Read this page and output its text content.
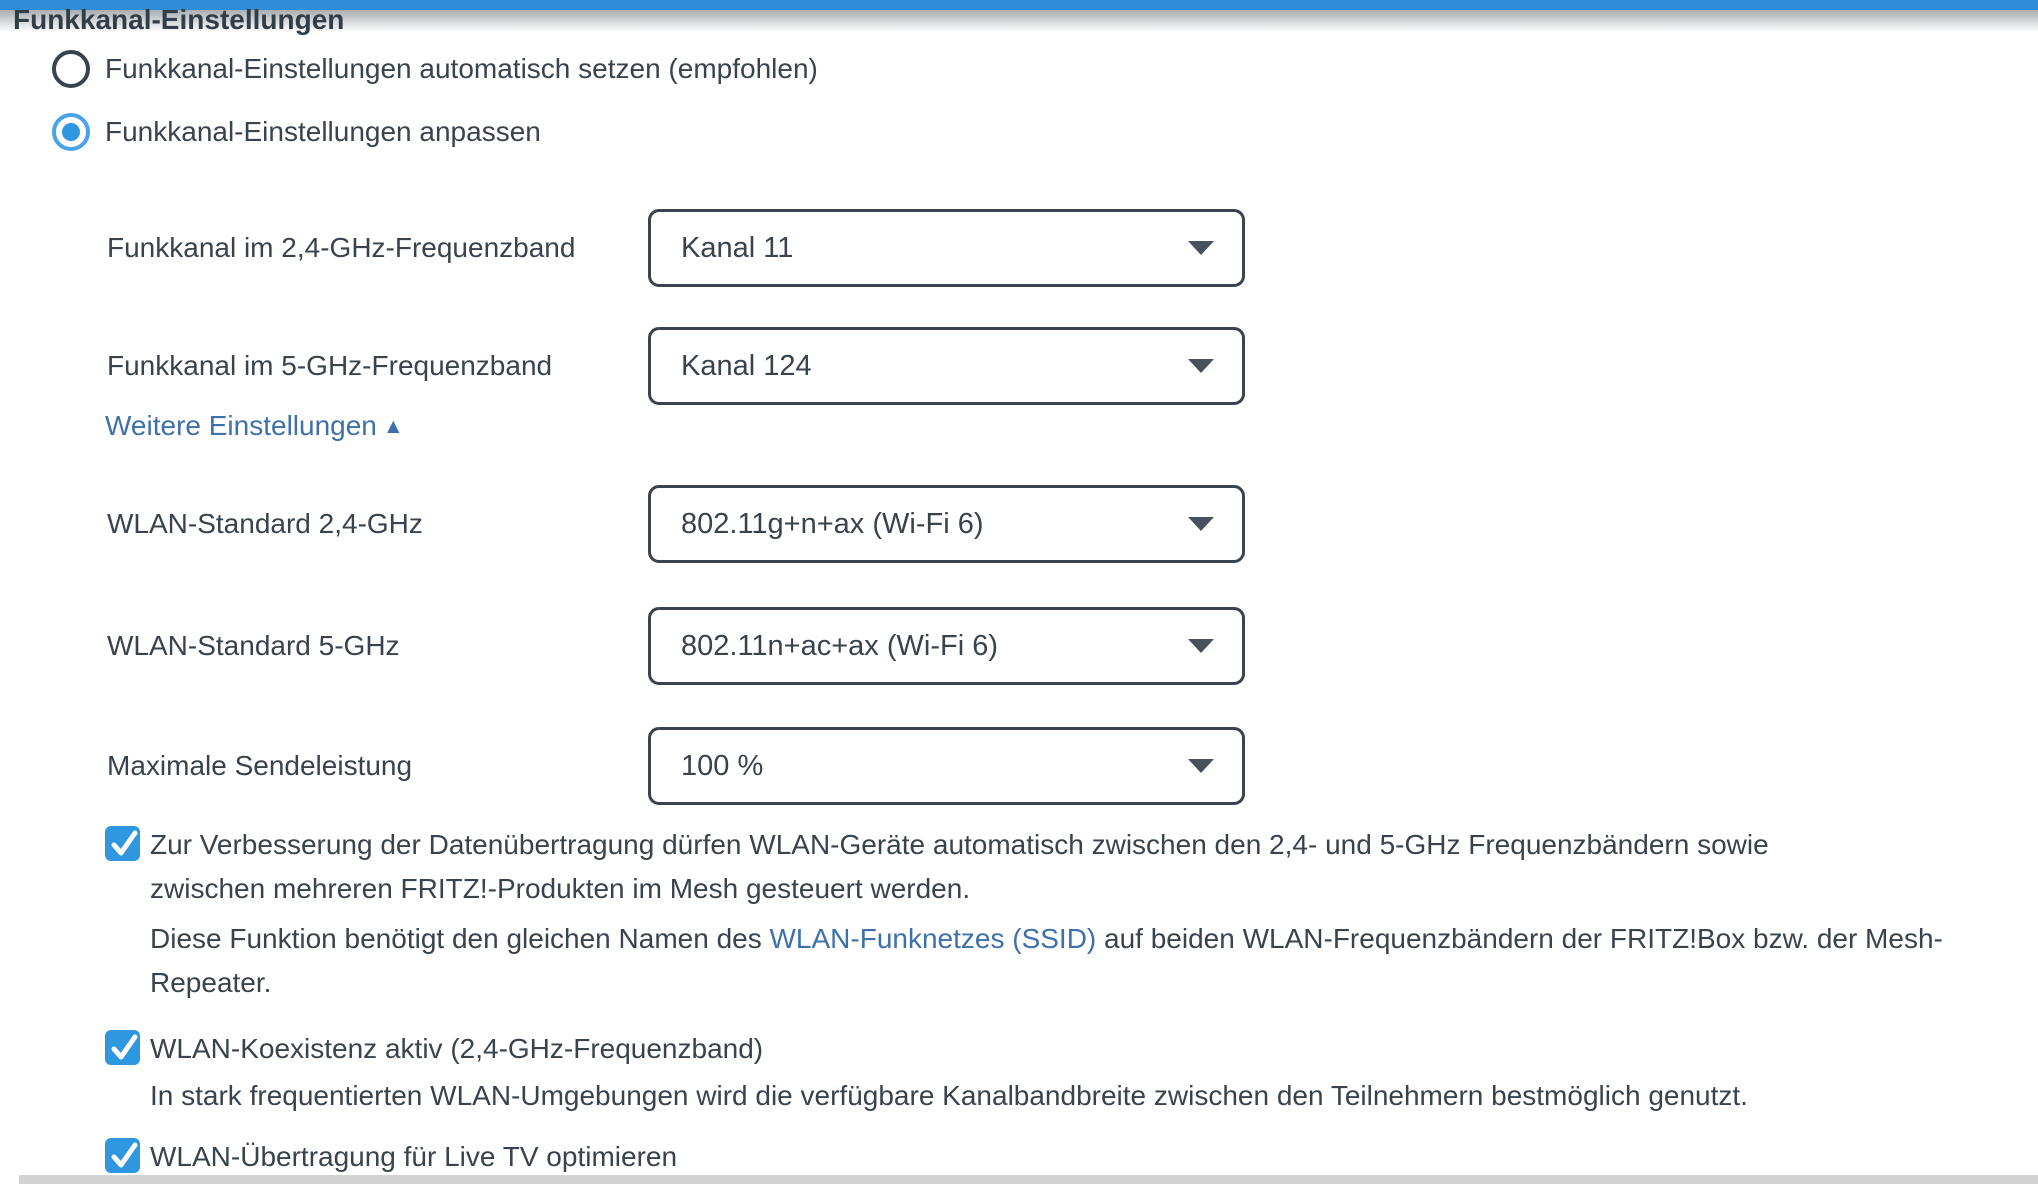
Funkkanal-Einstellungen
Funkkanal-Einstellungen automatisch setzen (empfohlen)
Funkkanal-Einstellungen anpassen
Funkkanal im 2,4-GHz-Frequenzband	Kanal 11
Funkkanal im 5-GHz-Frequenzband	Kanal 124
Weitere Einstellungen ▲
WLAN-Standard 2,4-GHz	802.11g+n+ax (Wi-Fi 6)
WLAN-Standard 5-GHz	802.11n+ac+ax (Wi-Fi 6)
Maximale Sendeleistung	100 %
Zur Verbesserung der Datenübertragung dürfen WLAN-Geräte automatisch zwischen den 2,4- und 5-GHz Frequenzbändern sowie
zwischen mehreren FRITZ!-Produkten im Mesh gesteuert werden.
Diese Funktion benötigt den gleichen Namen des WLAN-Funknetzes (SSID) auf beiden WLAN-Frequenzbändern der FRITZ!Box bzw. der Mesh-
Repeater.
WLAN-Koexistenz aktiv (2,4-GHz-Frequenzband)
In stark frequentierten WLAN-Umgebungen wird die verfügbare Kanalbandbreite zwischen den Teilnehmern bestmöglich genutzt.
WLAN-Übertragung für Live TV optimieren
